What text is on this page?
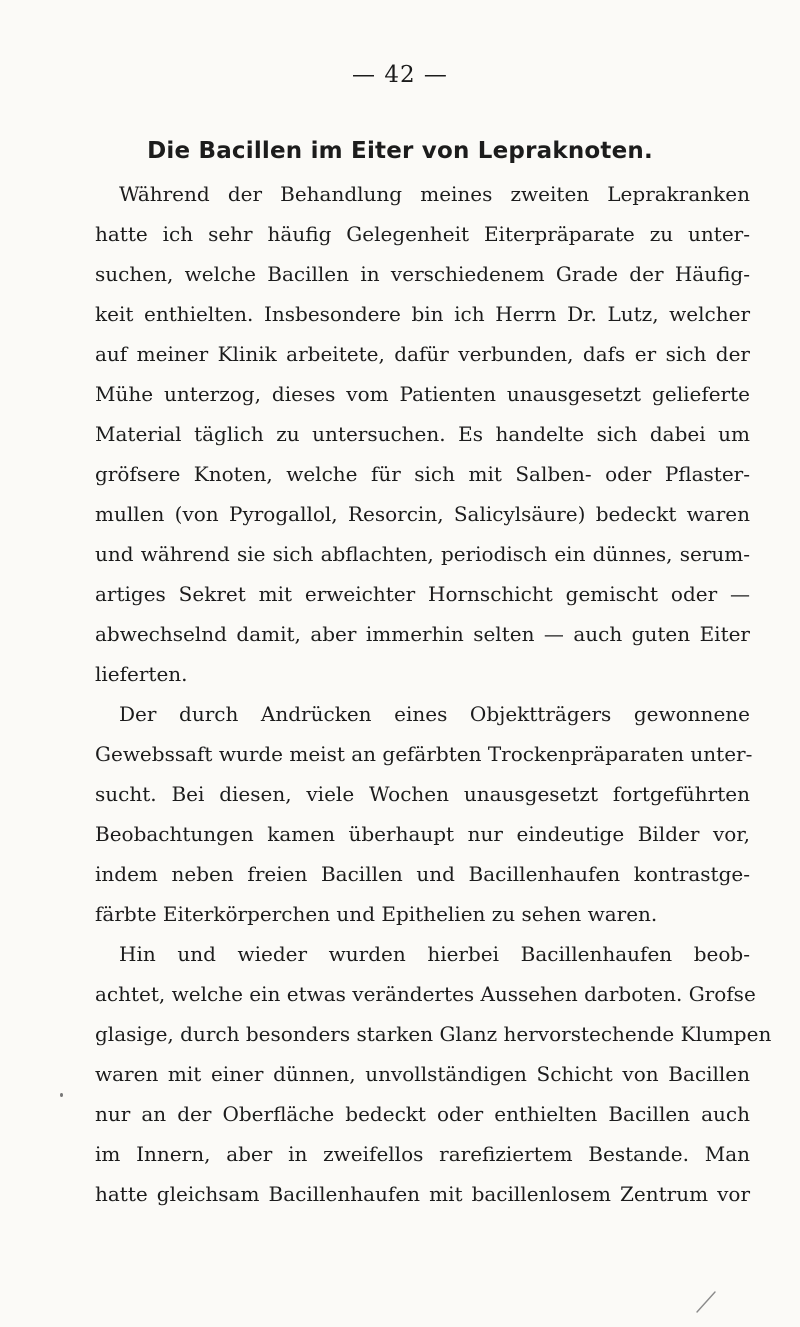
— 42 —
Die Bacillen im Eiter von Lepraknoten.
Während der Behandlung meines zweiten Leprakranken
hatte ich sehr häufig Gelegenheit Eiterpräparate zu unter-
suchen, welche Bacillen in verschiedenem Grade der Häufig-
keit enthielten. Insbesondere bin ich Herrn Dr. Lutz, welcher
auf meiner Klinik arbeitete, dafür verbunden, dafs er sich der
Mühe unterzog, dieses vom Patienten unausgesetzt gelieferte
Material täglich zu untersuchen. Es handelte sich dabei um
gröfsere Knoten, welche für sich mit Salben- oder Pflaster-
mullen (von Pyrogallol, Resorcin, Salicylsäure) bedeckt waren
und während sie sich abflachten, periodisch ein dünnes, serum-
artiges Sekret mit erweichter Hornschicht gemischt oder —
abwechselnd damit, aber immerhin selten — auch guten Eiter
lieferten.
Der durch Andrücken eines Objektträgers gewonnene
Gewebssaft wurde meist an gefärbten Trockenpräparaten unter-
sucht. Bei diesen, viele Wochen unausgesetzt fortgeführten
Beobachtungen kamen überhaupt nur eindeutige Bilder vor,
indem neben freien Bacillen und Bacillenhaufen kontrastge-
färbte Eiterkörperchen und Epithelien zu sehen waren.
Hin und wieder wurden hierbei Bacillenhaufen beob-
achtet, welche ein etwas verändertes Aussehen darboten. Grofse
glasige, durch besonders starken Glanz hervorstechende Klumpen
waren mit einer dünnen, unvollständigen Schicht von Bacillen
nur an der Oberfläche bedeckt oder enthielten Bacillen auch
im Innern, aber in zweifellos rarefiziertem Bestande. Man
hatte gleichsam Bacillenhaufen mit bacillenlosem Zentrum vor
